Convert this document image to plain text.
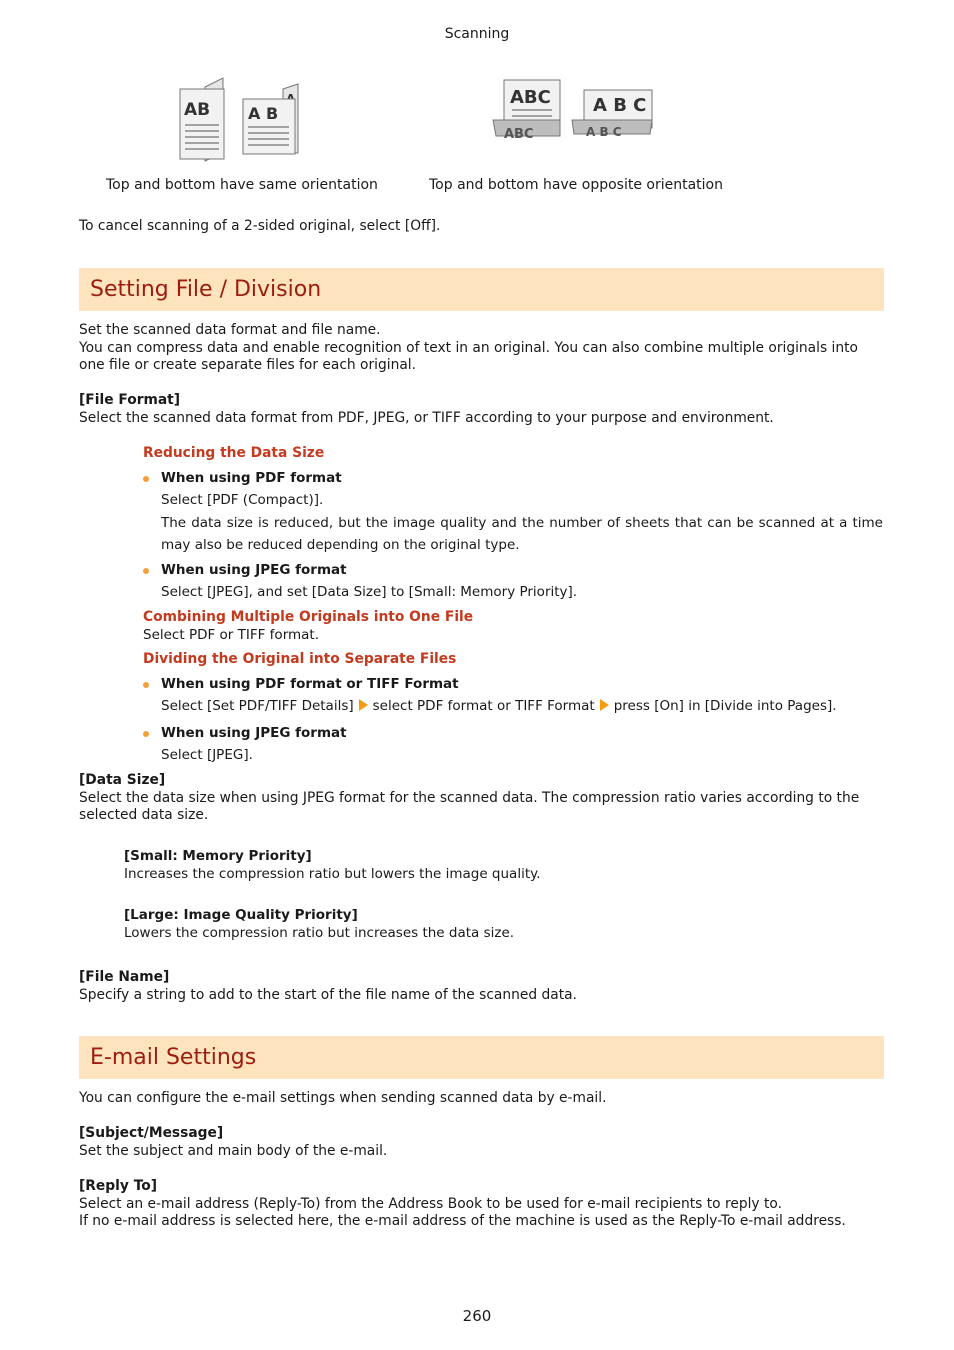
Scanning
AB A B
ABC
ABC
A B C
A B C
Top and bottom have same orientation	Top and bottom have opposite orientation
To cancel scanning of a 2-sided original, select [Off].
Setting File / Division
Set the scanned data format and file name.
You can compress data and enable recognition of text in an original. You can also combine multiple originals into one file or create separate files for each original.
[File Format]
Select the scanned data format from PDF, JPEG, or TIFF according to your purpose and environment.
Reducing the Data Size
When using PDF format
Select [PDF (Compact)].
The data size is reduced, but the image quality and the number of sheets that can be scanned at a time may also be reduced depending on the original type.
When using JPEG format
Select [JPEG], and set [Data Size] to [Small: Memory Priority].
Combining Multiple Originals into One File
Select PDF or TIFF format.
Dividing the Original into Separate Files
When using PDF format or TIFF Format
Select [Set PDF/TIFF Details] select PDF format or TIFF Format press [On] in [Divide into Pages].
When using JPEG format
Select [JPEG].
[Data Size]
Select the data size when using JPEG format for the scanned data. The compression ratio varies according to the selected data size.
[Small: Memory Priority]
Increases the compression ratio but lowers the image quality.
[Large: Image Quality Priority]
Lowers the compression ratio but increases the data size.
[File Name]
Specify a string to add to the start of the file name of the scanned data.
E-mail Settings
You can configure the e-mail settings when sending scanned data by e-mail.
[Subject/Message]
Set the subject and main body of the e-mail.
[Reply To]
Select an e-mail address (Reply-To) from the Address Book to be used for e-mail recipients to reply to.
If no e-mail address is selected here, the e-mail address of the machine is used as the Reply-To e-mail address.
260
